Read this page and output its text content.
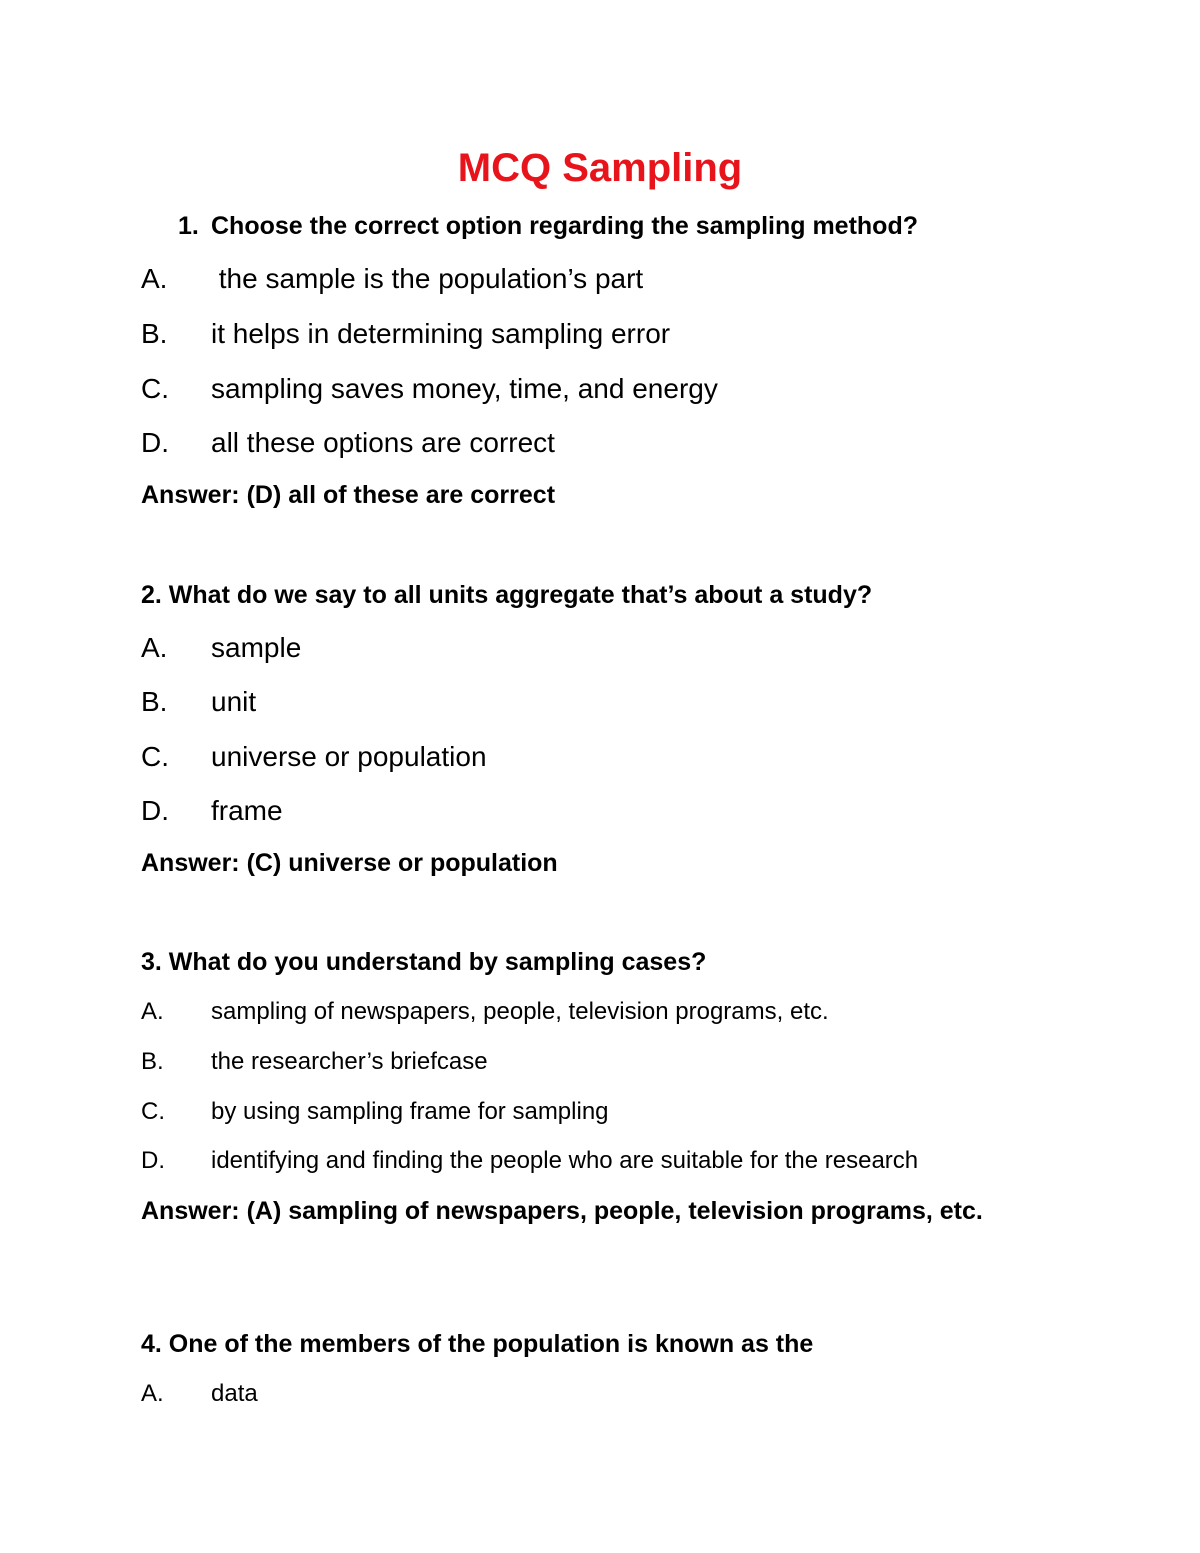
MCQ Sampling
1. Choose the correct option regarding the sampling method?
A. the sample is the population’s part
B. it helps in determining sampling error
C. sampling saves money, time, and energy
D. all these options are correct
Answer: (D) all of these are correct
2. What do we say to all units aggregate that’s about a study?
A. sample
B. unit
C. universe or population
D. frame
Answer: (C) universe or population
3. What do you understand by sampling cases?
A. sampling of newspapers, people, television programs, etc.
B. the researcher’s briefcase
C. by using sampling frame for sampling
D. identifying and finding the people who are suitable for the research
Answer: (A) sampling of newspapers, people, television programs, etc.
4. One of the members of the population is known as the
A. data
